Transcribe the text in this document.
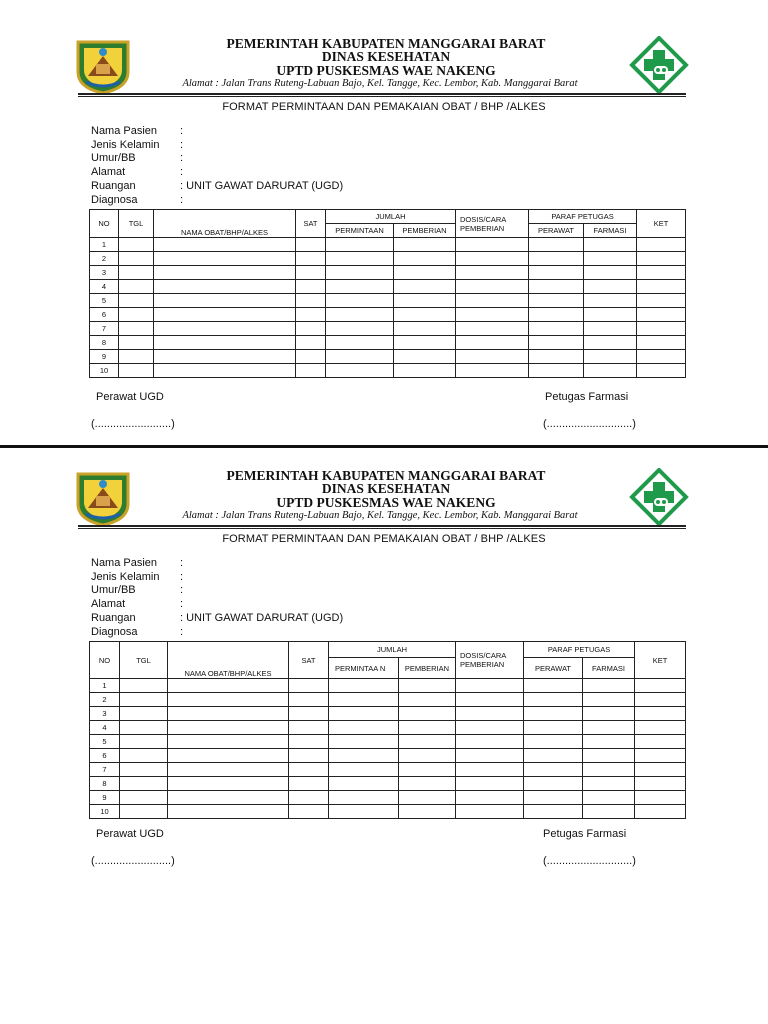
PEMERINTAH KABUPATEN MANGGARAI BARAT
DINAS KESEHATAN
UPTD PUSKESMAS WAE NAKENG
Alamat : Jalan Trans Ruteng-Labuan Bajo, Kel. Tangge, Kec. Lembor, Kab. Manggarai Barat
FORMAT PERMINTAAN DAN PEMAKAIAN OBAT / BHP /ALKES
Nama Pasien	:
Jenis Kelamin	:
Umur/BB	:
Alamat	:
Ruangan	: UNIT GAWAT DARURAT (UGD)
Diagnosa	:
NO	TGL	NAMA OBAT/BHP/ALKES	SAT	JUMLAH		DOSIS/CARA PEMBERIAN	PARAF PETUGAS		KET
				PERMINTAAN	PEMBERIAN		PERAWAT	FARMASI	
1									
2									
3									
4									
5									
6									
7									
8									
9									
10									
Perawat UGD	Petugas Farmasi
(.........................)	(............................)
PEMERINTAH KABUPATEN MANGGARAI BARAT
DINAS KESEHATAN
UPTD PUSKESMAS WAE NAKENG
Alamat : Jalan Trans Ruteng-Labuan Bajo, Kel. Tangge, Kec. Lembor, Kab. Manggarai Barat
FORMAT PERMINTAAN DAN PEMAKAIAN OBAT / BHP /ALKES
Nama Pasien	:
Jenis Kelamin	:
Umur/BB	:
Alamat	:
Ruangan	: UNIT GAWAT DARURAT (UGD)
Diagnosa	:
NO	TGL	NAMA OBAT/BHP/ALKES	SAT	JUMLAH		DOSIS/CARA PEMBERIAN	PARAF PETUGAS		KET
				PERMINTAA N	PEMBERIAN		PERAWAT	FARMASI	
1									
2									
3									
4									
5									
6									
7									
8									
9									
10									
Perawat UGD	Petugas Farmasi
(.........................)	(............................)
